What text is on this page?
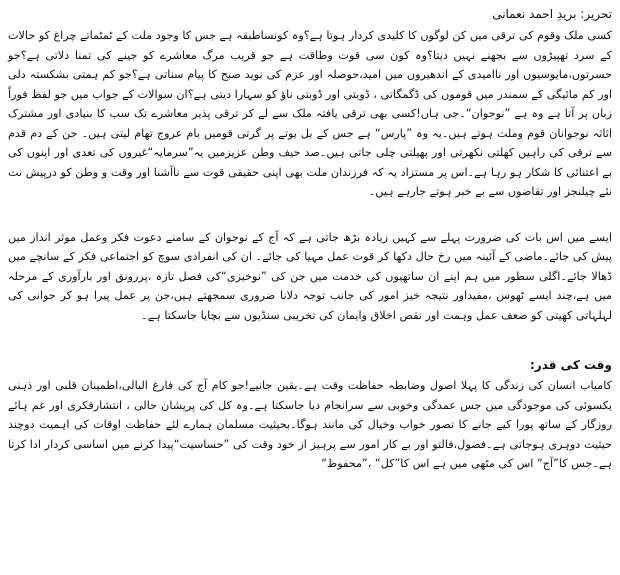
تحریر: بریدِ احمد نعمانی

کسی ملک وقوم کی ترقی میں کن لوگوں کا کلیدی کردار ہوتا ہے؟وہ کونساطبقہ ہے جس کا وجود ملت کے ٹمٹماتے چراغ کو حالات کے سرد تھپیڑوں سے بجھنے نہیں دیتا؟وہ کون سی قوت وطاقت ہے جو قریب مرگ معاشرے کو جینے کی تمنا دلاتی ہے؟جو حسرتوں،مایوسیوں اور ناامیدی کے اندھیروں میں امید،حوصلہ اور عزم کی نوید صبح کا پیام سناتی ہے؟جو کم ہمتی بشکستہ دلی اور کم مائیگی کے سمندر میں قوموں کی ڈگمگاتی ، ڈوبتی اور ڈوبتی ناؤ کو سہارا دیتی ہے؟ان سوالات کے جواب میں جو لفظ فوراً زباں پر آتا ہے وہ ہے ”نوجوان“۔جی ہاں!کسی بھی ترقی یافتہ ملک سے لے کر ترقی پذیر معاشرے تک سب کا بنیادی اور مشترک اثاثہ نوجوانان قوم وملت ہوتے ہیں۔یہ وہ ”پارس“ ہے جس کے بل بوتے پر گرتی قومیں بام عروج تھام لیتی ہیں۔ جن کے دم قدم سے ترقی کی راہیں کھلتی نکھرتی اور پھیلتی چلی جاتی ہیں۔صد حیف وطن عزیزمیں یہ”سرمایہ“غیروں کی تعدی اور اپنوں کی بے اعتنائی کا شکار ہو رہا ہے۔اس پر مستزاد یہ کہ فرزندان ملت بھی اپنی حقیقی قوت سے ناآشنا اور وقت و وطن کو درپیش نت نئے چیلنجز اور تقاضوں سے بے خبر ہوتے جارہے ہیں۔

ایسے میں اس بات کی ضرورت پہلے سے کہیں زیادہ بڑھ جاتی ہے کہ آج کے نوجوان کے سامنے دعوت فکر وعمل موثر انداز میں پیش کی جائے۔ماضی کے آئینہ میں رخ حال دکھا کر قوت عمل مہیا کی جائے۔ ان کی انفرادی سوچ کو اجتماعی فکر کے سانچے میں ڈھالا جائے۔اگلی سطور میں ہم اپنے ان ساتھیوں کی خدمت میں جن کی ”نوخیزی“کی فصل تازہ ،پررونق اور بارآوری کے مرحلہ میں ہے،چند ایسے ٹھوس ،مفیداور نتیجہ خیز امور کی جانب توجہ دلانا ضروری سمجھتے ہیں،جن پر عمل پیرا ہو کر جوانی کی لہلہاتی کھیتی کو ضعف عمل وہمت اور نقص اخلاق وایمان کی تخریبی سنڈیوں سے بچایا جاسکتا ہے۔

وقت کی قدر:

کامیاب انسان کی زندگی کا پہلا اصول وضابطہ حفاظت وقت ہے۔یقین جانیے!جو کام آج کی فارغ البالی،اطمینان قلبی اور ذہنی یکسوئی کی موجودگی میں جس عمدگی وخوبی سے سرانجام دیا جاسکتا ہے۔وہ کل کی پریشان حالی ، انتشارفکری اور غم ہائے روزگار کے ساتھ پورا کیے جانے کا تصور خواب وخیال کی مانند ہوگا۔بحیثیت مسلمان ہمارے لئے حفاظت اوقات کی اہمیت دوچند حیثیت دوہری ہوجاتی ہے۔فضول،فالتو اور بے کار امور سے پرہیز از خود وقت کی ”حساسیت“پیدا کرنے میں اساسی کردار ادا کرتا ہے۔جس کا”آج“ اس کی مٹھی میں ہے اس کا”کل“ ،”محفوظ“
